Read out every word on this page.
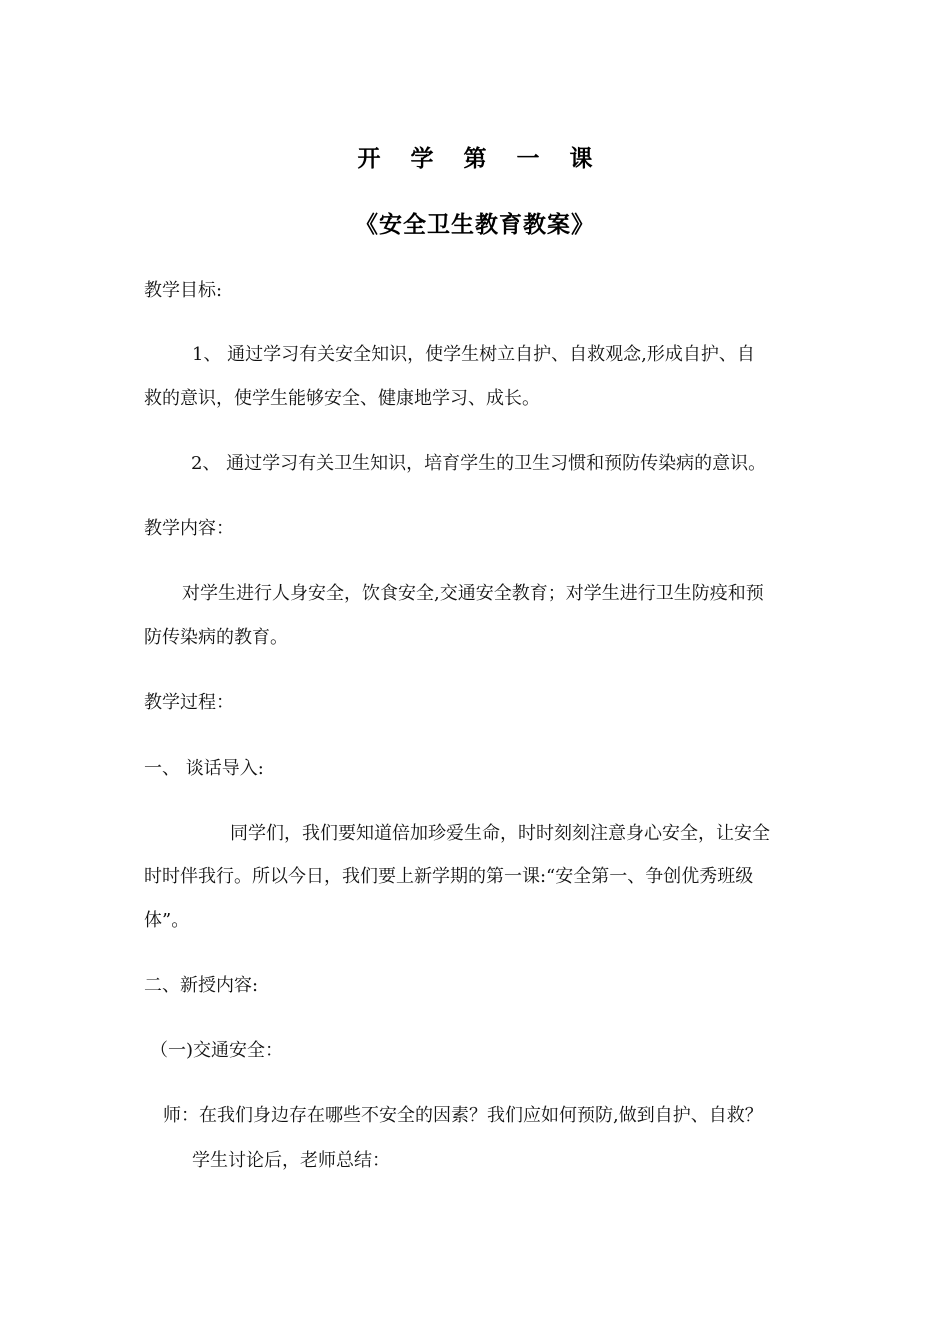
开 学 第 一 课
《安全卫生教育教案》
教学目标:
1、 通过学习有关安全知识，使学生树立自护、自救观念,形成自护、自
救的意识，使学生能够安全、健康地学习、成长。
2、 通过学习有关卫生知识，培育学生的卫生习惯和预防传染病的意识。
教学内容：
对学生进行人身安全，饮食安全,交通安全教育；对学生进行卫生防疫和预
防传染病的教育。
教学过程：
一、 谈话导入:
同学们，我们要知道倍加珍爱生命，时时刻刻注意身心安全，让安全
时时伴我行。所以今日，我们要上新学期的第一课:“安全第一、争创优秀班级
体”。
二、新授内容:
（一)交通安全：
师：在我们身边存在哪些不安全的因素？我们应如何预防,做到自护、自救？
学生讨论后，老师总结：
